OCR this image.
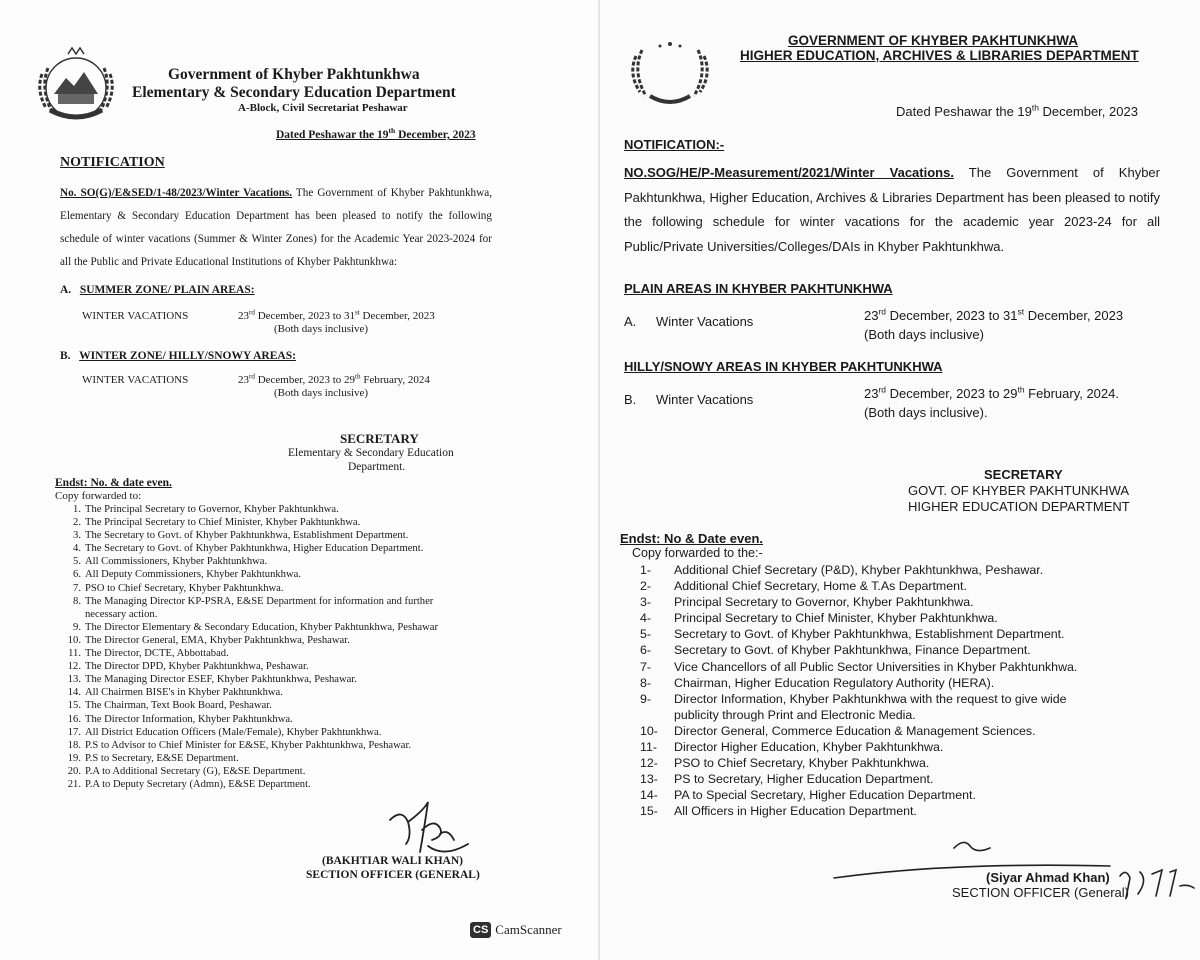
Government of Khyber Pakhtunkhwa
Elementary & Secondary Education Department
A-Block, Civil Secretariat Peshawar
Dated Peshawar the 19th December, 2023
NOTIFICATION
No. SO(G)/E&SED/1-48/2023/Winter Vacations. The Government of Khyber Pakhtunkhwa, Elementary & Secondary Education Department has been pleased to notify the following schedule of winter vacations (Summer & Winter Zones) for the Academic Year 2023-2024 for all the Public and Private Educational Institutions of Khyber Pakhtunkhwa:
A. SUMMER ZONE/ PLAIN AREAS:
WINTER VACATIONS	23rd December, 2023 to 31st December, 2023
(Both days inclusive)
B. WINTER ZONE/ HILLY/SNOWY AREAS:
WINTER VACATIONS	23rd December, 2023 to 29th February, 2024
(Both days inclusive)
SECRETARY
Elementary & Secondary Education
Department.
Endst: No. & date even.
Copy forwarded to:
1. The Principal Secretary to Governor, Khyber Pakhtunkhwa.
2. The Principal Secretary to Chief Minister, Khyber Pakhtunkhwa.
3. The Secretary to Govt. of Khyber Pakhtunkhwa, Establishment Department.
4. The Secretary to Govt. of Khyber Pakhtunkhwa, Higher Education Department.
5. All Commissioners, Khyber Pakhtunkhwa.
6. All Deputy Commissioners, Khyber Pakhtunkhwa.
7. PSO to Chief Secretary, Khyber Pakhtunkhwa.
8. The Managing Director KP-PSRA, E&SE Department for information and further
necessary action.
9. The Director Elementary & Secondary Education, Khyber Pakhtunkhwa, Peshawar
10. The Director General, EMA, Khyber Pakhtunkhwa, Peshawar.
11. The Director, DCTE, Abbottabad.
12. The Director DPD, Khyber Pakhtunkhwa, Peshawar.
13. The Managing Director ESEF, Khyber Pakhtunkhwa, Peshawar.
14. All Chairmen BISE's in Khyber Pakhtunkhwa.
15. The Chairman, Text Book Board, Peshawar.
16. The Director Information, Khyber Pakhtunkhwa.
17. All District Education Officers (Male/Female), Khyber Pakhtunkhwa.
18. P.S to Advisor to Chief Minister for E&SE, Khyber Pakhtunkhwa, Peshawar.
19. P.S to Secretary, E&SE Department.
20. P.A to Additional Secretary (G), E&SE Department.
21. P.A to Deputy Secretary (Admn), E&SE Department.
(BAKHTIAR WALI KHAN)
SECTION OFFICER (GENERAL)
CS CamScanner
GOVERNMENT OF KHYBER PAKHTUNKHWA
HIGHER EDUCATION, ARCHIVES & LIBRARIES DEPARTMENT
Dated Peshawar the 19th December, 2023
NOTIFICATION:-
NO.SOG/HE/P-Measurement/2021/Winter Vacations. The Government of Khyber Pakhtunkhwa, Higher Education, Archives & Libraries Department has been pleased to notify the following schedule for winter vacations for the academic year 2023-24 for all Public/Private Universities/Colleges/DAIs in Khyber Pakhtunkhwa.
PLAIN AREAS IN KHYBER PAKHTUNKHWA
A. Winter Vacations	23rd December, 2023 to 31st December, 2023
(Both days inclusive)
HILLY/SNOWY AREAS IN KHYBER PAKHTUNKHWA
B. Winter Vacations	23rd December, 2023 to 29th February, 2024.
(Both days inclusive).
SECRETARY
GOVT. OF KHYBER PAKHTUNKHWA
HIGHER EDUCATION DEPARTMENT
Endst: No & Date even.
Copy forwarded to the:-
1-	Additional Chief Secretary (P&D), Khyber Pakhtunkhwa, Peshawar.
2-	Additional Chief Secretary, Home & T.As Department.
3-	Principal Secretary to Governor, Khyber Pakhtunkhwa.
4-	Principal Secretary to Chief Minister, Khyber Pakhtunkhwa.
5-	Secretary to Govt. of Khyber Pakhtunkhwa, Establishment Department.
6-	Secretary to Govt. of Khyber Pakhtunkhwa, Finance Department.
7-	Vice Chancellors of all Public Sector Universities in Khyber Pakhtunkhwa.
8-	Chairman, Higher Education Regulatory Authority (HERA).
9-	Director Information, Khyber Pakhtunkhwa with the request to give wide
publicity through Print and Electronic Media.
10-	Director General, Commerce Education & Management Sciences.
11-	Director Higher Education, Khyber Pakhtunkhwa.
12-	PSO to Chief Secretary, Khyber Pakhtunkhwa.
13-	PS to Secretary, Higher Education Department.
14-	PA to Special Secretary, Higher Education Department.
15-	All Officers in Higher Education Department.
(Siyar Ahmad Khan)
SECTION OFFICER (General)
